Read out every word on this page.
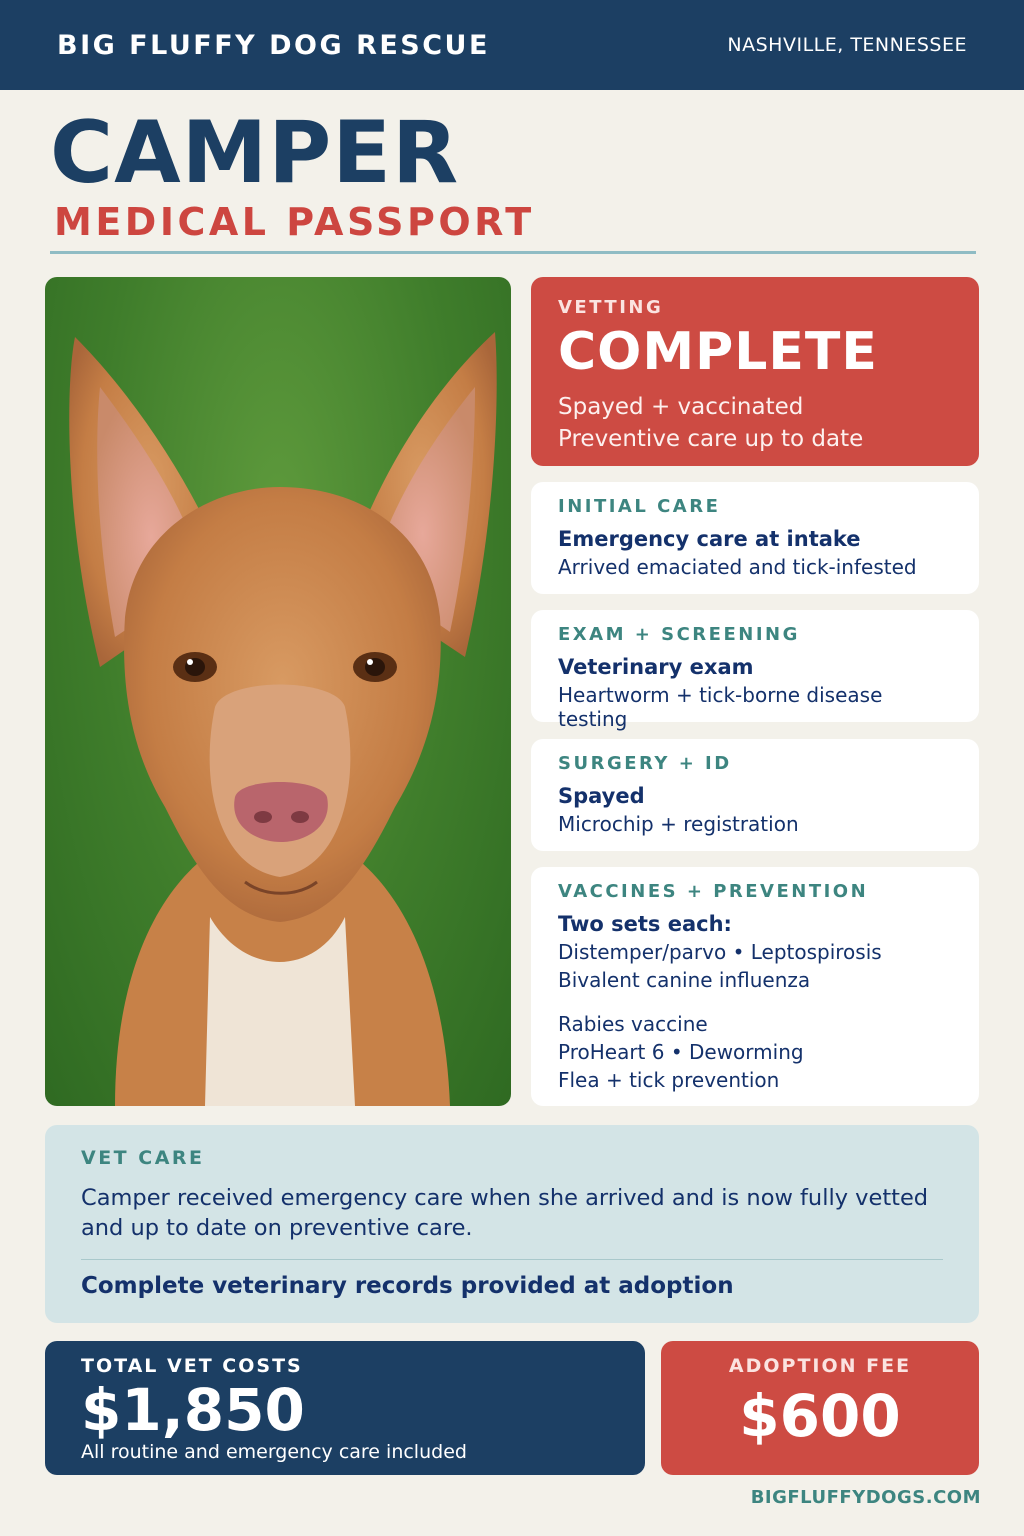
BIG FLUFFY DOG RESCUE	NASHVILLE, TENNESSEE
CAMPER
MEDICAL PASSPORT
VETTING
COMPLETE
Spayed + vaccinated
Preventive care up to date
INITIAL CARE
Emergency care at intake
Arrived emaciated and tick-infested
EXAM + SCREENING
Veterinary exam
Heartworm + tick-borne disease testing
SURGERY + ID
Spayed
Microchip + registration
VACCINES + PREVENTION
Two sets each:
Distemper/parvo • Leptospirosis
Bivalent canine influenza
Rabies vaccine
ProHeart 6 • Deworming
Flea + tick prevention
VET CARE
Camper received emergency care when she arrived and is now fully vetted and up to date on preventive care.
Complete veterinary records provided at adoption
TOTAL VET COSTS
$1,850
All routine and emergency care included
ADOPTION FEE
$600
BIGFLUFFYDOGS.COM
